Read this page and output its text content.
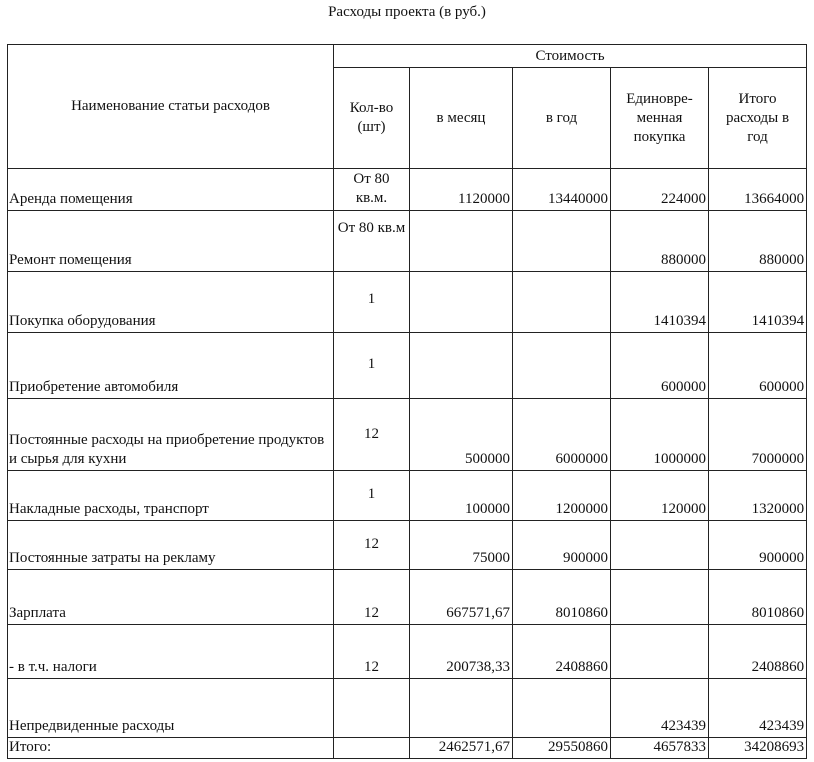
Расходы проекта (в руб.)
Наименование статьи расходов	Стоимость				
	Кол-во (шт)	в месяц	в год	Единовре-менная покупка	Итого расходы в год
Аренда помещения	От 80 кв.м.	1120000	13440000	224000	13664000
Ремонт помещения	От 80 кв.м			880000	880000
Покупка оборудования	1			1410394	1410394
Приобретение автомобиля	1			600000	600000
Постоянные расходы на приобретение продуктов и сырья для кухни	12	500000	6000000	1000000	7000000
Накладные расходы, транспорт	1	100000	1200000	120000	1320000
Постоянные затраты на рекламу	12	75000	900000		900000
Зарплата	12	667571,67	8010860		8010860
- в т.ч. налоги	12	200738,33	2408860		2408860
Непредвиденные расходы				423439	423439
Итого:		2462571,67	29550860	4657833	34208693
